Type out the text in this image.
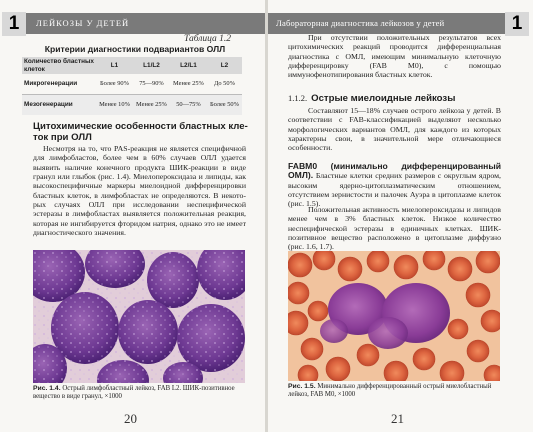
1	ЛЕЙКОЗЫ У ДЕТЕЙ
Таблица 1.2
Критерии диагностики подвариантов ОЛЛ
Количество бластных клеток	L1	L1/L2	L2/L1	L2
Микрогенерации	Более 90%	75—90%	Менее 25%	До 50%
Мезогенерации	Менее 10%	Менее 25%	50—75%	Более 50%
Цитохимические особенности бластных клеток при ОЛЛ

Несмотря на то, что PAS-реакция не является специфичной для лимфобластов, более чем в 60% случаев ОЛЛ удается выявить наличие конечного продукта ШИК-реакции в виде гранул или глыбок (рис. 1.4). Миелопероксидаза и липиды, как высокоспецифичные маркеры миелоидной дифференцировки бластных клеток, в лимфобластах не определяются. В некоторых случаях ОЛЛ при исследовании неспецифической эстеразы в лимфобластах выявляется положительная реакция, которая не ингибируется фторидом натрия, однако это не имеет диагностического значения.

Рис. 1.4. Острый лимфобластный лейкоз, FAB L2. ШИК-позитивное вещество в виде гранул, ×1000
20
Лабораторная диагностика лейкозов у детей	1

При отсутствии положительных результатов всех цитохимических реакций проводится дифференциальная диагностика с ОМЛ, имеющим минимальную клеточную дифференцировку (FAB M0), с помощью иммунофенотипирования бластных клеток.

1.1.2. Острые миелоидные лейкозы

Составляют 15—18% случаев острого лейкоза у детей. В соответствии с FAB-классификацией выделяют несколько морфологических вариантов ОМЛ, для каждого из которых характерны свои, в значительной мере отличающиеся особенности.

FABM0 (минимально дифференцированный ОМЛ). Бластные клетки средних размеров с округлым ядром, высоким ядерно-цитоплазматическим отношением, отсутствием зернистости и палочек Ауэра в цитоплазме клеток (рис. 1.5).

Положительная активность миелопероксидазы и липидов менее чем в 3% бластных клеток. Низкое количество неспецифической эстеразы в единичных клетках. ШИК-позитивное вещество расположено в цитоплазме диффузно (рис. 1.6, 1.7).

21
Рис. 1.5. Минимально дифференцированный острый миелобластный лейкоз, FAB M0, ×1000
